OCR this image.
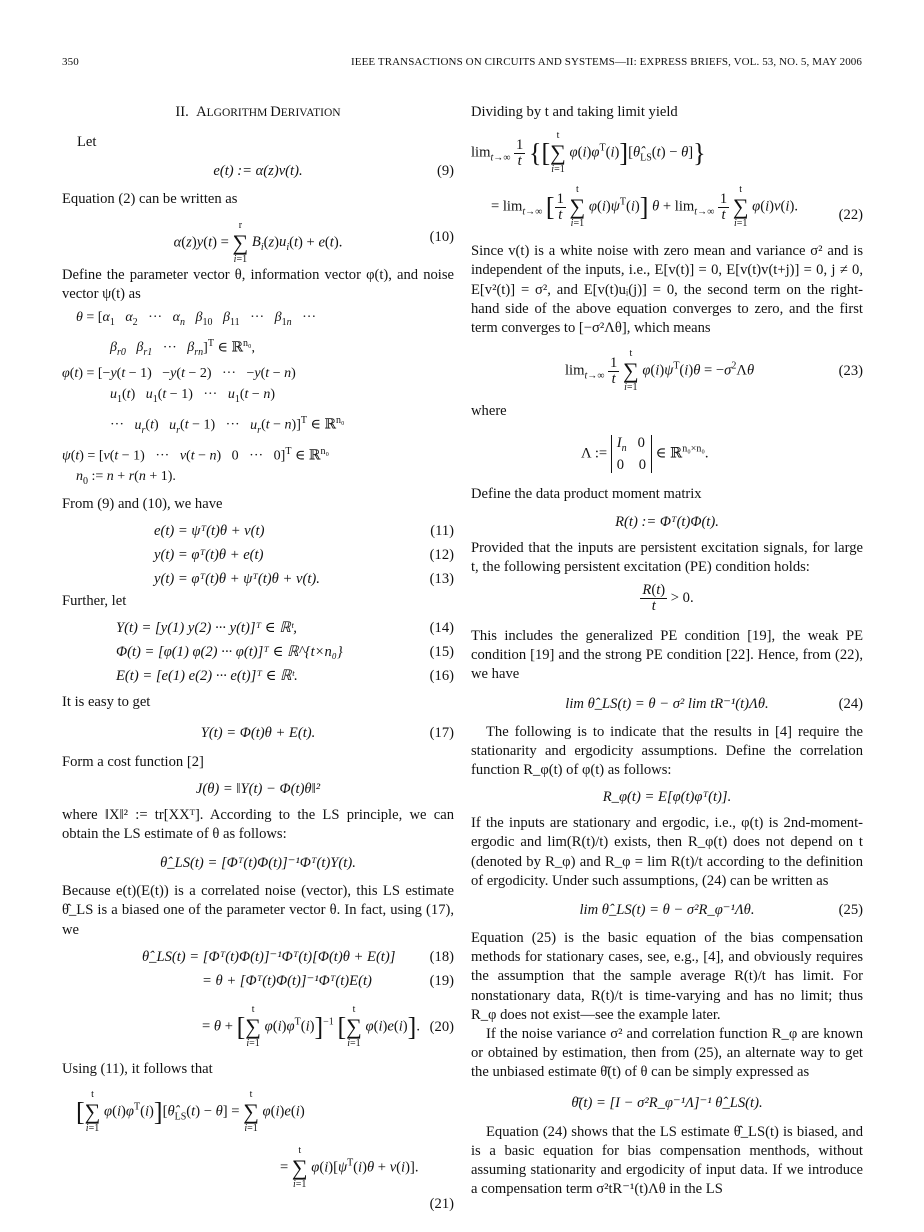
350	IEEE TRANSACTIONS ON CIRCUITS AND SYSTEMS—II: EXPRESS BRIEFS, VOL. 53, NO. 5, MAY 2006
II. ALGORITHM DERIVATION

Let

e(t) := α(z)v(t).	(9)

Equation (2) can be written as

α(z)y(t) = r
∑
i=1 $B_i(z)u_i(t) + e(t)$.	(10)

Define the parameter vector θ, information vector φ(t), and noise vector ψ(t) as

$\theta = [\alpha_1$ $\alpha_2$   ···   $\alpha_n$ $\beta_{10}$ $\beta_{11}$   ···   $\beta_{1n}$   ···
$\beta_{r0}$ $\beta_{r1}$   ···   $\beta_{rn}]^T$ ∈ ℝ$^{n_0}$,
φ(t) = [−y(t − 1)   −y(t − 2)   ···   −y(t − n)
$u_1(t) u_1(t - 1)$   ···   $u_1(t - n)$
···   $u_r(t) u_r(t - 1)$   ···   $u_r(t - n)]^T$ ∈ ℝ$^{n_0}$
ψ(t) = [v(t − 1)   ···   v(t − n)   0   ···   0]$^T$ ∈ ℝ$^{n_0}$
$n_0$ := n + r(n + 1).

From (9) and (10), we have

e(t) = ψᵀ(t)θ + v(t)	(11)
y(t) = φᵀ(t)θ + e(t)	(12)
y(t) = φᵀ(t)θ + ψᵀ(t)θ + v(t).	(13)

Further, let

Y(t) = [y(1) y(2) ··· y(t)]ᵀ ∈ ℝᵗ,	(14)
Φ(t) = [φ(1) φ(2) ··· φ(t)]ᵀ ∈ ℝ^{t×n₀}	(15)
E(t) = [e(1) e(2) ··· e(t)]ᵀ ∈ ℝᵗ.	(16)

It is easy to get

Y(t) = Φ(t)θ + E(t).	(17)

Form a cost function [2]

J(θ) = ‖Y(t) − Φ(t)θ‖²

where ‖X‖² := tr[XXᵀ]. According to the LS principle, we can obtain the LS estimate of θ as follows:

θ̂_LS(t) = [Φᵀ(t)Φ(t)]⁻¹Φᵀ(t)Y(t).

Because e(t)(E(t)) is a correlated noise (vector), this LS estimate θ̂_LS is a biased one of the parameter vector θ. In fact, using (17), we

θ̂_LS(t) = [Φᵀ(t)Φ(t)]⁻¹Φᵀ(t)[Φ(t)θ + E(t)] (18)
= θ + [Φᵀ(t)Φ(t)]⁻¹Φᵀ(t)E(t)	(19)
= θ + [t
∑
i=1 $\varphi(i)\varphi^T(i)]^{-1}$ [t
∑
i=1 φ(i)e(i)]. (20)

Using (11), it follows that

[t
∑
i=1 $\varphi(i)\varphi^T(i)][\thetâ_{LS}(t) - \theta] = t$
∑
i=1 φ(i)e(i)
= t
∑
i=1 $\varphi(i)[\psi^T(i)\theta + v(i)]$.
(21)

Dividing by t and taking limit yield

$\lim_{t\to\infty} \frac{1}{t} \{[t$
∑
i=1 $\varphi(i)\varphi^T(i)][\thetâ_{LS}(t) - \theta]$}
= $\lim_{t\to\infty}$ [ $\frac{1}{t}$
t
∑
i=1 $\varphi(i)\psi^T(i)$] $\theta + \lim_{t\to\infty} \frac{1}{t}$
t
∑
i=1 φ(i)v(i).
(22)

Since v(t) is a white noise with zero mean and variance σ² and is independent of the inputs, i.e., E[v(t)] = 0, E[v(t)v(t+j)] = 0, j ≠ 0, E[v²(t)] = σ², and E[v(t)uᵢ(j)] = 0, the second term on the right-hand side of the above equation converges to zero, and the first term converges to [−σ²Λθ], which means

$\lim_{t\to\infty} \frac{1}{t}$
t
∑
i=1 $\varphi(i)\psi^T(i)\theta = -\sigma^2\Lambda\theta$	(23)

where

Λ := $I_n$   0
0    0 ∈ ℝ$^{n_0\times n_0}$.

Define the data product moment matrix

R(t) := Φᵀ(t)Φ(t).

Provided that the inputs are persistent excitation signals, for large t, the following persistent excitation (PE) condition holds:

$\frac{R(t)}{t} > 0$.

This includes the generalized PE condition [19], the weak PE condition [19] and the strong PE condition [22]. Hence, from (22), we have

lim θ̂_LS(t) = θ − σ² lim tR⁻¹(t)Λθ.	(24)

The following is to indicate that the results in [4] require the stationarity and ergodicity assumptions. Define the correlation function R_φ(t) of φ(t) as follows:

R_φ(t) = E[φ(t)φᵀ(t)].

If the inputs are stationary and ergodic, i.e., φ(t) is 2nd-moment-ergodic and lim(R(t)/t) exists, then R_φ(t) does not depend on t (denoted by R_φ) and R_φ = lim R(t)/t according to the definition of ergodicity. Under such assumptions, (24) can be written as

lim θ̂_LS(t) = θ − σ²R_φ⁻¹Λθ.	(25)

Equation (25) is the basic equation of the bias compensation methods for stationary cases, see, e.g., [4], and obviously requires the assumption that the sample average R(t)/t has limit. For nonstationary data, R(t)/t is time-varying and has no limit; thus R_φ does not exist—see the example later.

If the noise variance σ² and correlation function R_φ are known or obtained by estimation, then from (25), an alternate way to get the unbiased estimate θ̄(t) of θ can be simply expressed as

θ̄(t) = [I − σ²R_φ⁻¹Λ]⁻¹ θ̂_LS(t).

Equation (24) shows that the LS estimate θ̂_LS(t) is biased, and is a basic equation for bias compensation menthods, without assuming stationarity and ergodicity of input data. If we introduce a compensation term σ²tR⁻¹(t)Λθ in the LS
